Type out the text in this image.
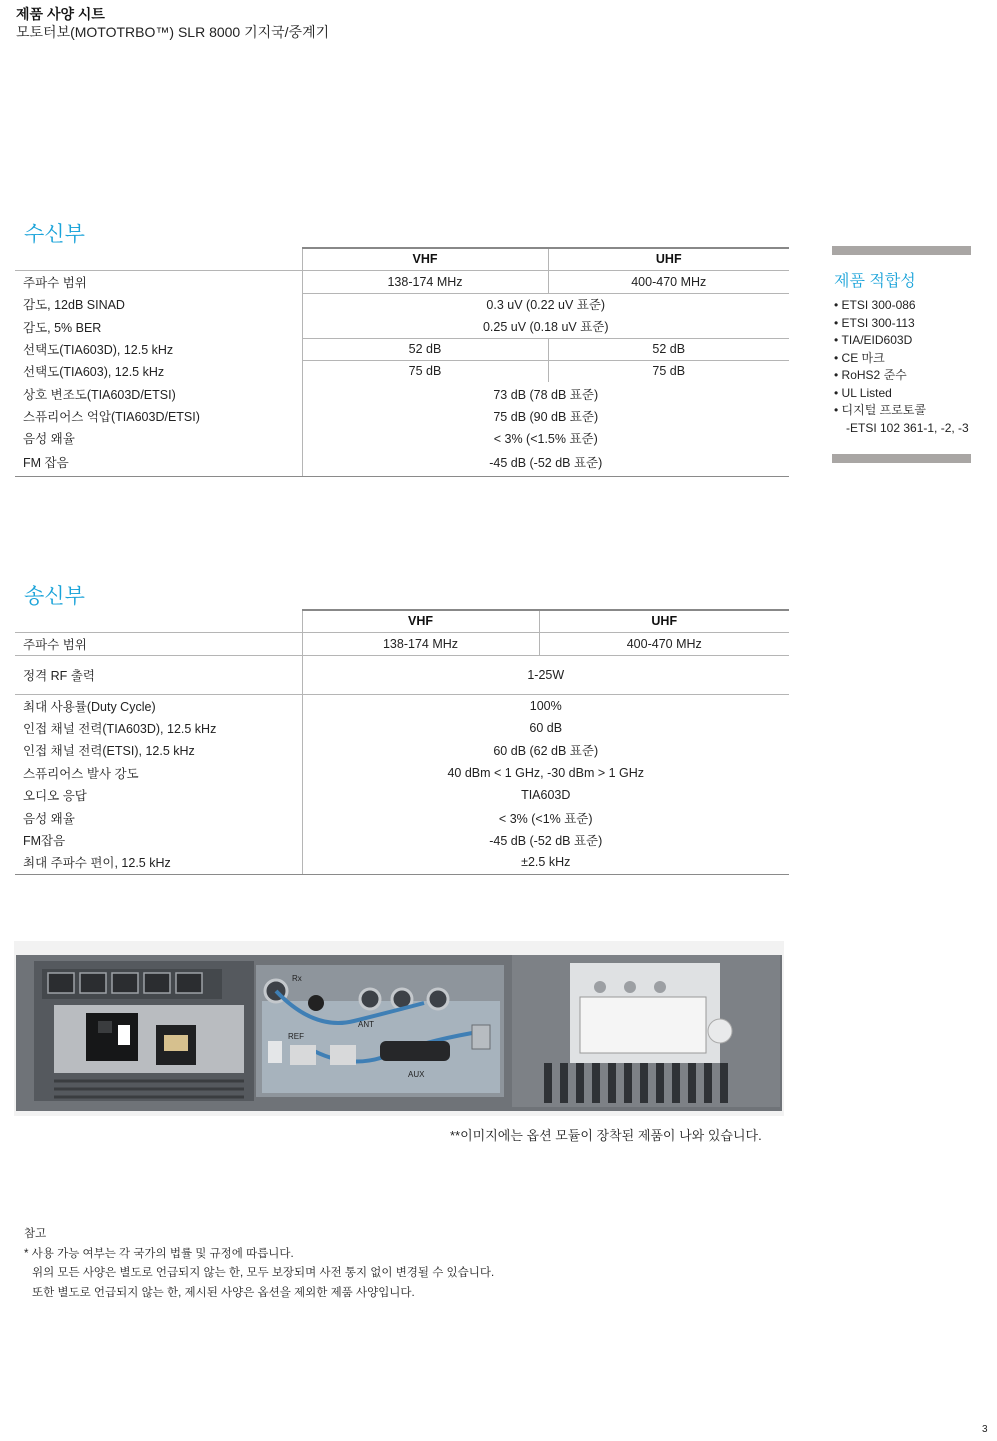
제품 사양 시트
모토터보(MOTOTRBO™) SLR 8000 기지국/중계기
수신부
	VHF	UHF
주파수 범위	138-174 MHz	400-470 MHz
감도, 12dB SINAD	0.3 uV (0.22 uV 표준)	
감도, 5% BER	0.25 uV (0.18 uV 표준)	
선택도(TIA603D), 12.5 kHz	52 dB	52 dB
선택도(TIA603), 12.5 kHz	75 dB	75 dB
상호 변조도(TIA603D/ETSI)	73 dB (78 dB 표준)	
스퓨리어스 억압(TIA603D/ETSI)	75 dB (90 dB 표준)	
음성 왜율	< 3% (<1.5% 표준)	
FM 잡음	-45 dB (-52 dB 표준)	
제품 적합성
• ETSI 300-086
• ETSI 300-113
• TIA/EID603D
• CE 마크
• RoHS2 준수
• UL Listed
• 디지털 프로토콜
-ETSI 102 361-1, -2, -3
송신부
	VHF	UHF
주파수 범위	138-174 MHz	400-470 MHz
정격 RF 출력	1-25W	
최대 사용률(Duty Cycle)	100%	
인접 채널 전력(TIA603D), 12.5 kHz	60 dB	
인접 채널 전력(ETSI), 12.5 kHz	60 dB (62 dB 표준)	
스퓨리어스 발사 강도	40 dBm < 1 GHz, -30 dBm > 1 GHz	
오디오 응답	TIA603D	
음성 왜율	< 3% (<1% 표준)	
FM잡음	-45 dB (-52 dB 표준)	
최대 주파수 편이, 12.5 kHz	±2.5 kHz	
Rx
REF
ANT
AUX
**이미지에는 옵션 모듈이 장착된 제품이 나와 있습니다.
참고
* 사용 가능 여부는 각 국가의 법률 및 규정에 따릅니다.
위의 모든 사양은 별도로 언급되지 않는 한, 모두 보장되며 사전 통지 없이 변경될 수 있습니다.
또한 별도로 언급되지 않는 한, 제시된 사양은 옵션을 제외한 제품 사양입니다.
3
